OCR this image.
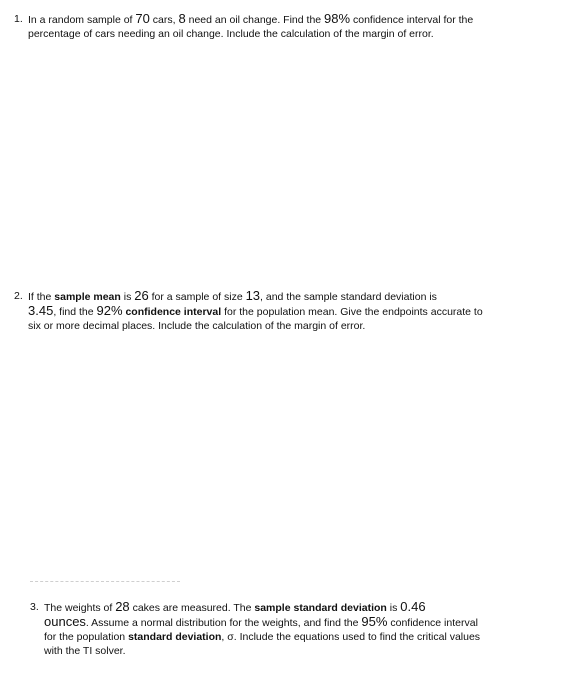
1. In a random sample of 70 cars, 8 need an oil change. Find the 98% confidence interval for the
percentage of cars needing an oil change. Include the calculation of the margin of error.
2. If the sample mean is 26 for a sample of size 13, and the sample standard deviation is
3.45, find the 92% confidence interval for the population mean. Give the endpoints accurate to
six or more decimal places. Include the calculation of the margin of error.
3. The weights of 28 cakes are measured. The sample standard deviation is 0.46
ounces. Assume a normal distribution for the weights, and find the 95% confidence interval
for the population standard deviation, σ. Include the equations used to find the critical values
with the TI solver.
